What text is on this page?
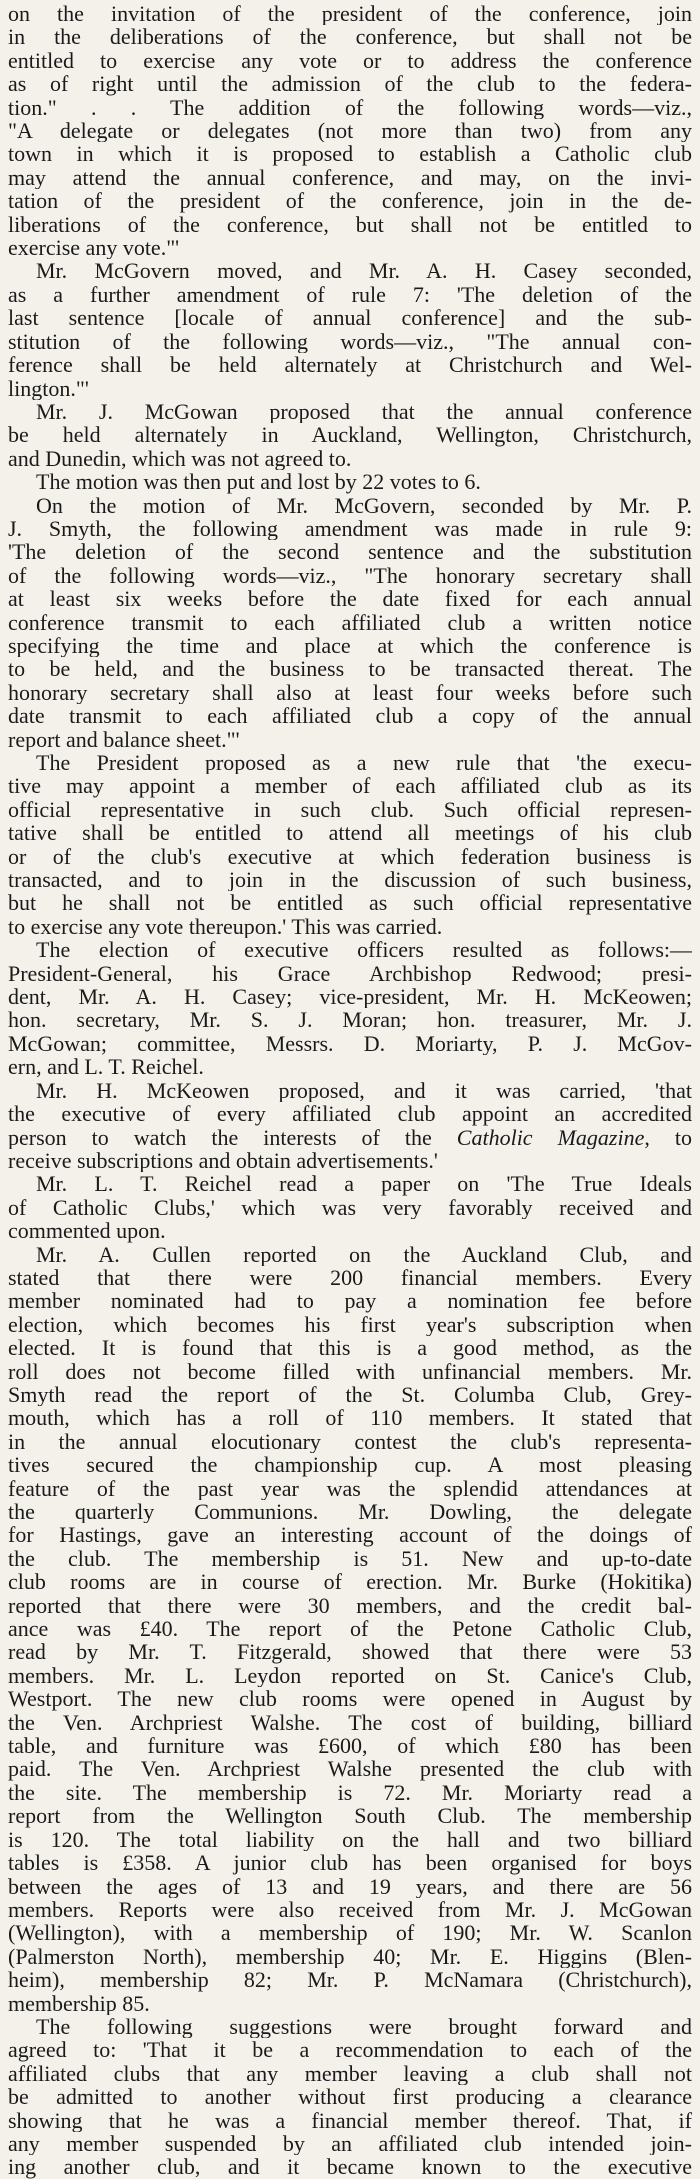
on the invitation of the president of the conference, join
in the deliberations of the conference, but shall not be
entitled to exercise any vote or to address the conference
as of right until the admission of the club to the federa-
tion." . . The addition of the following words—viz.,
"A delegate or delegates (not more than two) from any
town in which it is proposed to establish a Catholic club
may attend the annual conference, and may, on the invi-
tation of the president of the conference, join in the de-
liberations of the conference, but shall not be entitled to
exercise any vote."'
Mr. McGovern moved, and Mr. A. H. Casey seconded,
as a further amendment of rule 7: 'The deletion of the
last sentence [locale of annual conference] and the sub-
stitution of the following words—viz., "The annual con-
ference shall be held alternately at Christchurch and Wel-
lington."'
Mr. J. McGowan proposed that the annual conference
be held alternately in Auckland, Wellington, Christchurch,
and Dunedin, which was not agreed to.
The motion was then put and lost by 22 votes to 6.
On the motion of Mr. McGovern, seconded by Mr. P.
J. Smyth, the following amendment was made in rule 9:
'The deletion of the second sentence and the substitution
of the following words—viz., "The honorary secretary shall
at least six weeks before the date fixed for each annual
conference transmit to each affiliated club a written notice
specifying the time and place at which the conference is
to be held, and the business to be transacted thereat. The
honorary secretary shall also at least four weeks before such
date transmit to each affiliated club a copy of the annual
report and balance sheet."'
The President proposed as a new rule that 'the execu-
tive may appoint a member of each affiliated club as its
official representative in such club. Such official represen-
tative shall be entitled to attend all meetings of his club
or of the club's executive at which federation business is
transacted, and to join in the discussion of such business,
but he shall not be entitled as such official representative
to exercise any vote thereupon.' This was carried.
The election of executive officers resulted as follows:—
President-General, his Grace Archbishop Redwood; presi-
dent, Mr. A. H. Casey; vice-president, Mr. H. McKeowen;
hon. secretary, Mr. S. J. Moran; hon. treasurer, Mr. J.
McGowan; committee, Messrs. D. Moriarty, P. J. McGov-
ern, and L. T. Reichel.
Mr. H. McKeowen proposed, and it was carried, 'that
the executive of every affiliated club appoint an accredited
person to watch the interests of the Catholic Magazine, to
receive subscriptions and obtain advertisements.'
Mr. L. T. Reichel read a paper on 'The True Ideals
of Catholic Clubs,' which was very favorably received and
commented upon.
Mr. A. Cullen reported on the Auckland Club, and
stated that there were 200 financial members. Every
member nominated had to pay a nomination fee before
election, which becomes his first year's subscription when
elected. It is found that this is a good method, as the
roll does not become filled with unfinancial members. Mr.
Smyth read the report of the St. Columba Club, Grey-
mouth, which has a roll of 110 members. It stated that
in the annual elocutionary contest the club's representa-
tives secured the championship cup. A most pleasing
feature of the past year was the splendid attendances at
the quarterly Communions. Mr. Dowling, the delegate
for Hastings, gave an interesting account of the doings of
the club. The membership is 51. New and up-to-date
club rooms are in course of erection. Mr. Burke (Hokitika)
reported that there were 30 members, and the credit bal-
ance was £40. The report of the Petone Catholic Club,
read by Mr. T. Fitzgerald, showed that there were 53
members. Mr. L. Leydon reported on St. Canice's Club,
Westport. The new club rooms were opened in August by
the Ven. Archpriest Walshe. The cost of building, billiard
table, and furniture was £600, of which £80 has been
paid. The Ven. Archpriest Walshe presented the club with
the site. The membership is 72. Mr. Moriarty read a
report from the Wellington South Club. The membership
is 120. The total liability on the hall and two billiard
tables is £358. A junior club has been organised for boys
between the ages of 13 and 19 years, and there are 56
members. Reports were also received from Mr. J. McGowan
(Wellington), with a membership of 190; Mr. W. Scanlon
(Palmerston North), membership 40; Mr. E. Higgins (Blen-
heim), membership 82; Mr. P. McNamara (Christchurch),
membership 85.
The following suggestions were brought forward and
agreed to: 'That it be a recommendation to each of the
affiliated clubs that any member leaving a club shall not
be admitted to another without first producing a clearance
showing that he was a financial member thereof. That, if
any member suspended by an affiliated club intended join-
ing another club, and it became known to the executive
